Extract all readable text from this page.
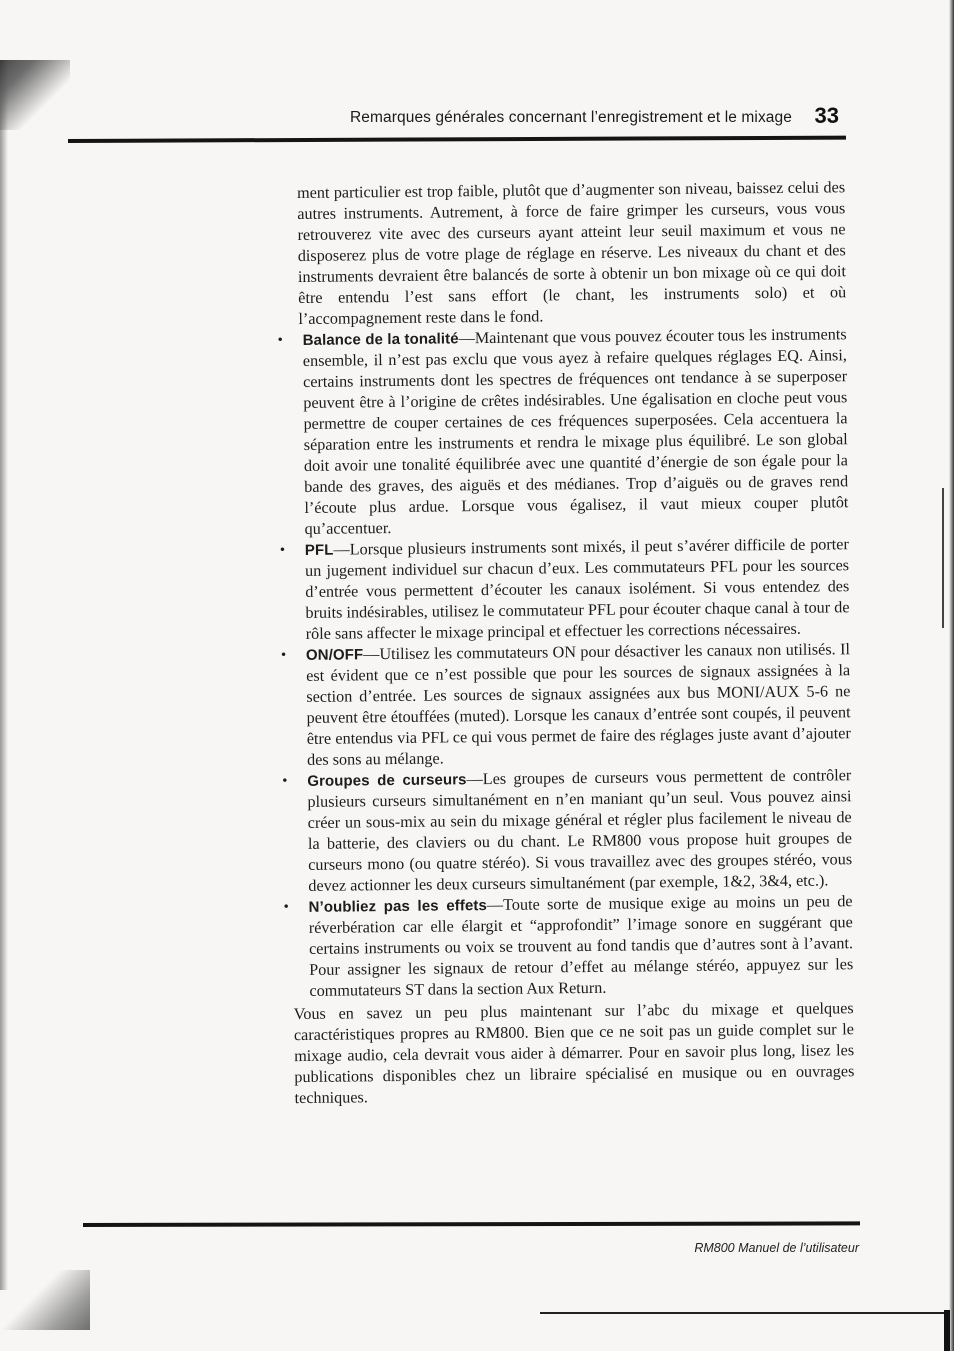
Remarques générales concernant l’enregistrement et le mixage 33

ment particulier est trop faible, plutôt que d’augmenter son niveau, baissez celui des autres instruments. Autrement, à force de faire grimper les curseurs, vous vous retrouverez vite avec des curseurs ayant atteint leur seuil maximum et vous ne disposerez plus de votre plage de réglage en réserve. Les niveaux du chant et des instruments devraient être balancés de sorte à obtenir un bon mixage où ce qui doit être entendu l’est sans effort (le chant, les instruments solo) et où l’accompagnement reste dans le fond.

• Balance de la tonalité—Maintenant que vous pouvez écouter tous les instruments ensemble, il n’est pas exclu que vous ayez à refaire quelques réglages EQ. Ainsi, certains instruments dont les spectres de fréquences ont tendance à se superposer peuvent être à l’origine de crêtes indésirables. Une égalisation en cloche peut vous permettre de couper certaines de ces fréquences superposées. Cela accentuera la séparation entre les instruments et rendra le mixage plus équilibré. Le son global doit avoir une tonalité équilibrée avec une quantité d’énergie de son égale pour la bande des graves, des aiguës et des médianes. Trop d’aiguës ou de graves rend l’écoute plus ardue. Lorsque vous égalisez, il vaut mieux couper plutôt qu’accentuer.
• PFL—Lorsque plusieurs instruments sont mixés, il peut s’avérer difficile de porter un jugement individuel sur chacun d’eux. Les commutateurs PFL pour les sources d’entrée vous permettent d’écouter les canaux isolément. Si vous entendez des bruits indésirables, utilisez le commutateur PFL pour écouter chaque canal à tour de rôle sans affecter le mixage principal et effectuer les corrections nécessaires.
• ON/OFF—Utilisez les commutateurs ON pour désactiver les canaux non utilisés. Il est évident que ce n’est possible que pour les sources de signaux assignées à la section d’entrée. Les sources de signaux assignées aux bus MONI/AUX 5-6 ne peuvent être étouffées (muted). Lorsque les canaux d’entrée sont coupés, il peuvent être entendus via PFL ce qui vous permet de faire des réglages juste avant d’ajouter des sons au mélange.
• Groupes de curseurs—Les groupes de curseurs vous permettent de contrôler plusieurs curseurs simultanément en n’en maniant qu’un seul. Vous pouvez ainsi créer un sous-mix au sein du mixage général et régler plus facilement le niveau de la batterie, des claviers ou du chant. Le RM800 vous propose huit groupes de curseurs mono (ou quatre stéréo). Si vous travaillez avec des groupes stéréo, vous devez actionner les deux curseurs simultanément (par exemple, 1&2, 3&4, etc.).
• N’oubliez pas les effets—Toute sorte de musique exige au moins un peu de réverbération car elle élargit et “approfondit” l’image sonore en suggérant que certains instruments ou voix se trouvent au fond tandis que d’autres sont à l’avant. Pour assigner les signaux de retour d’effet au mélange stéréo, appuyez sur les commutateurs ST dans la section Aux Return.

Vous en savez un peu plus maintenant sur l’abc du mixage et quelques caractéristiques propres au RM800. Bien que ce ne soit pas un guide complet sur le mixage audio, cela devrait vous aider à démarrer. Pour en savoir plus long, lisez les publications disponibles chez un libraire spécialisé en musique ou en ouvrages techniques.

RM800 Manuel de l’utilisateur
